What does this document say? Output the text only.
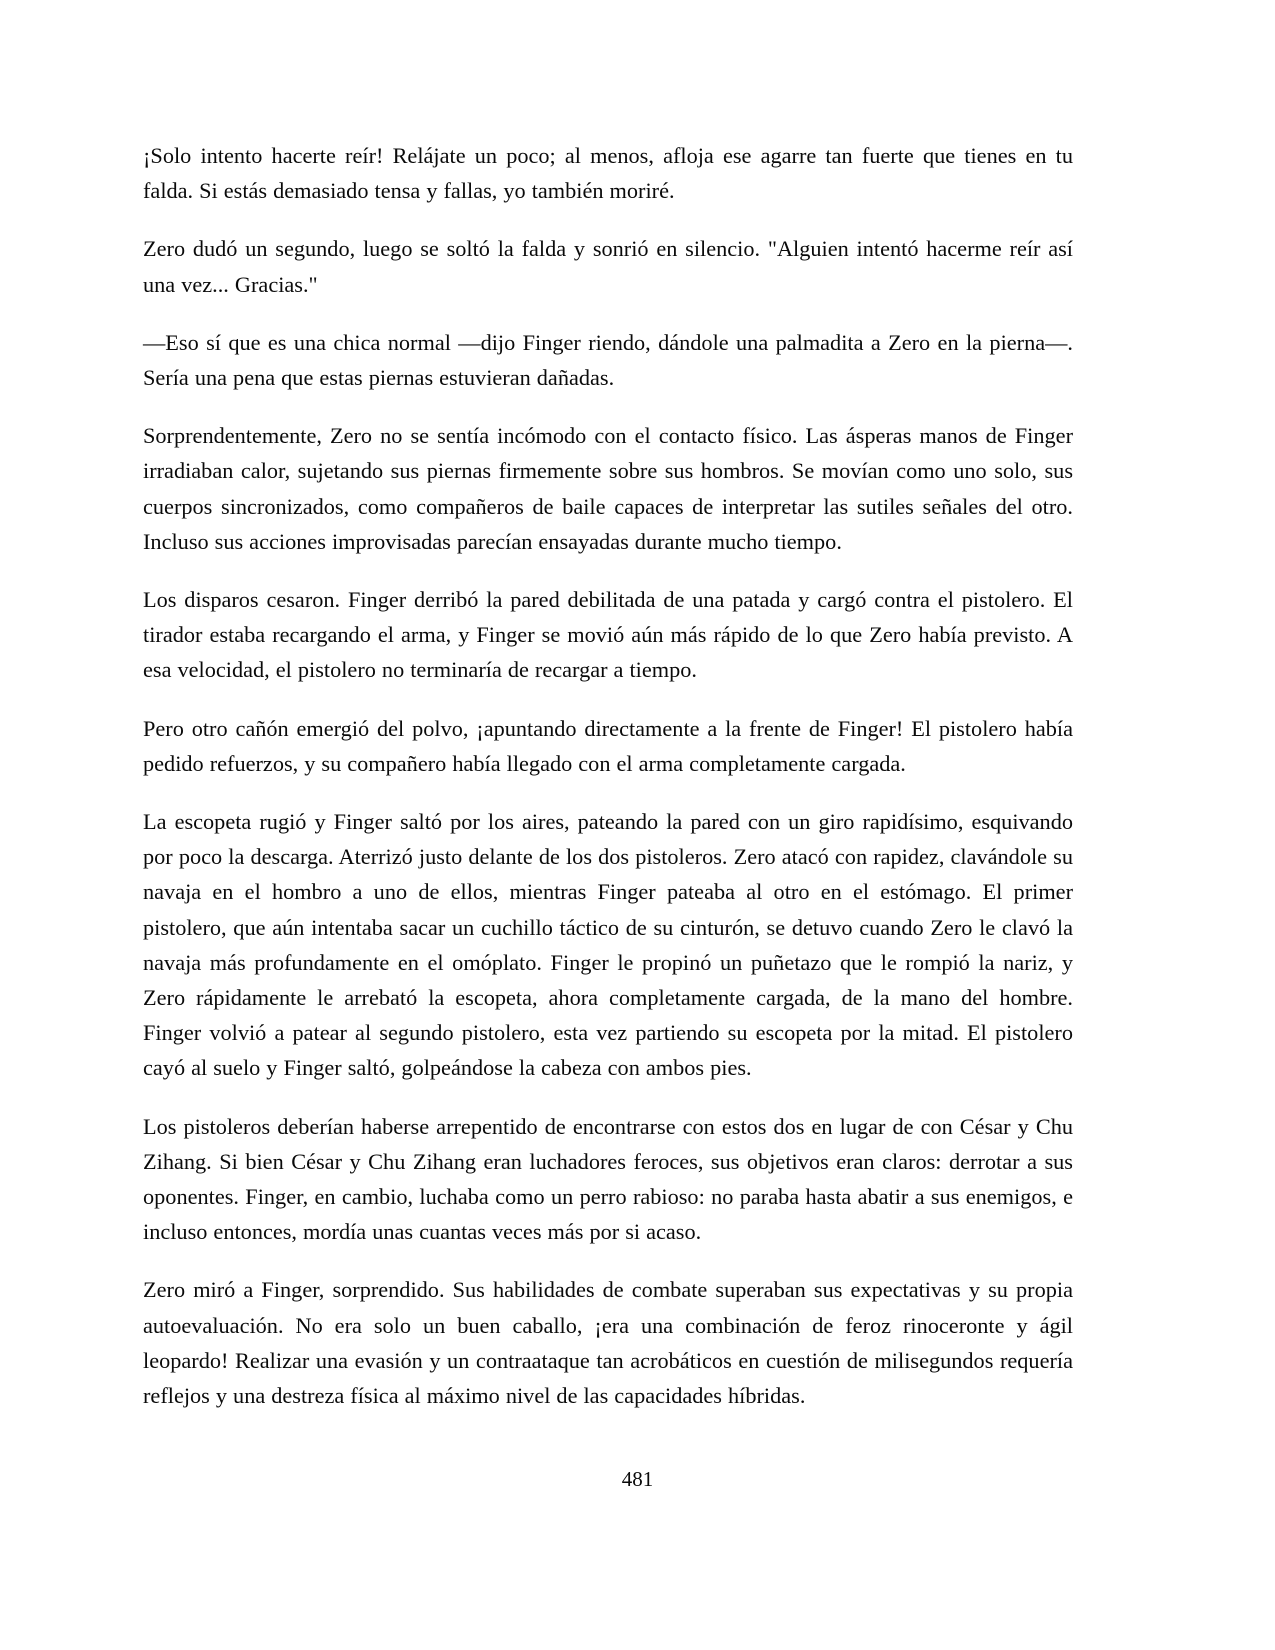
¡Solo intento hacerte reír! Relájate un poco; al menos, afloja ese agarre tan fuerte que tienes en tu falda. Si estás demasiado tensa y fallas, yo también moriré.

Zero dudó un segundo, luego se soltó la falda y sonrió en silencio. "Alguien intentó hacerme reír así una vez... Gracias."

—Eso sí que es una chica normal —dijo Finger riendo, dándole una palmadita a Zero en la pierna—. Sería una pena que estas piernas estuvieran dañadas.

Sorprendentemente, Zero no se sentía incómodo con el contacto físico. Las ásperas manos de Finger irradiaban calor, sujetando sus piernas firmemente sobre sus hombros. Se movían como uno solo, sus cuerpos sincronizados, como compañeros de baile capaces de interpretar las sutiles señales del otro. Incluso sus acciones improvisadas parecían ensayadas durante mucho tiempo.

Los disparos cesaron. Finger derribó la pared debilitada de una patada y cargó contra el pistolero. El tirador estaba recargando el arma, y Finger se movió aún más rápido de lo que Zero había previsto. A esa velocidad, el pistolero no terminaría de recargar a tiempo.

Pero otro cañón emergió del polvo, ¡apuntando directamente a la frente de Finger! El pistolero había pedido refuerzos, y su compañero había llegado con el arma completamente cargada.

La escopeta rugió y Finger saltó por los aires, pateando la pared con un giro rapidísimo, esquivando por poco la descarga. Aterrizó justo delante de los dos pistoleros. Zero atacó con rapidez, clavándole su navaja en el hombro a uno de ellos, mientras Finger pateaba al otro en el estómago. El primer pistolero, que aún intentaba sacar un cuchillo táctico de su cinturón, se detuvo cuando Zero le clavó la navaja más profundamente en el omóplato. Finger le propinó un puñetazo que le rompió la nariz, y Zero rápidamente le arrebató la escopeta, ahora completamente cargada, de la mano del hombre. Finger volvió a patear al segundo pistolero, esta vez partiendo su escopeta por la mitad. El pistolero cayó al suelo y Finger saltó, golpeándose la cabeza con ambos pies.

Los pistoleros deberían haberse arrepentido de encontrarse con estos dos en lugar de con César y Chu Zihang. Si bien César y Chu Zihang eran luchadores feroces, sus objetivos eran claros: derrotar a sus oponentes. Finger, en cambio, luchaba como un perro rabioso: no paraba hasta abatir a sus enemigos, e incluso entonces, mordía unas cuantas veces más por si acaso.

Zero miró a Finger, sorprendido. Sus habilidades de combate superaban sus expectativas y su propia autoevaluación. No era solo un buen caballo, ¡era una combinación de feroz rinoceronte y ágil leopardo! Realizar una evasión y un contraataque tan acrobáticos en cuestión de milisegundos requería reflejos y una destreza física al máximo nivel de las capacidades híbridas.

481
